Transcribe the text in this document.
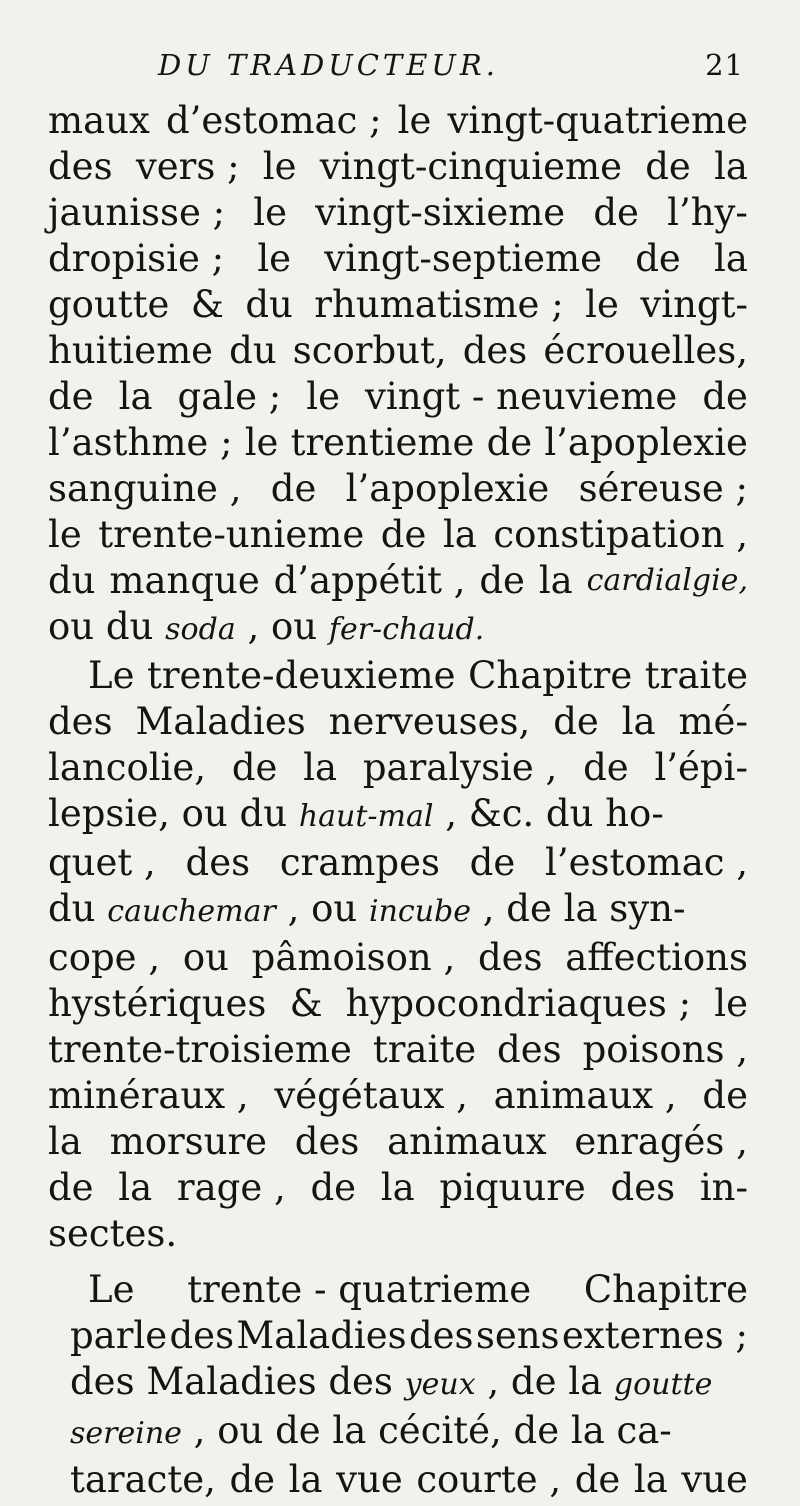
DU TRADUCTEUR.	21
maux d’estomac ; le vingt-quatrieme
des vers ; le vingt-cinquieme de la
jaunisse ; le vingt-sixieme de l’hy-
dropisie ; le vingt-septieme de la
goutte & du rhumatisme ; le vingt-
huitieme du scorbut, des écrouelles,
de la gale ; le vingt - neuvieme de
l’asthme ; le trentieme de l’apoplexie
sanguine , de l’apoplexie séreuse ;
le trente-unieme de la constipation ,
du manque d’appétit , de la cardialgie,
ou du soda , ou fer-chaud.
Le trente-deuxieme Chapitre traite
des Maladies nerveuses, de la mé-
lancolie, de la paralysie , de l’épi-
lepsie, ou du haut-mal , &c. du ho-
quet , des crampes de l’estomac ,
du cauchemar , ou incube , de la syn-
cope , ou pâmoison , des affections
hystériques & hypocondriaques ; le
trente-troisieme traite des poisons ,
minéraux , végétaux , animaux , de
la morsure des animaux enragés ,
de la rage , de la piquure des in-
sectes.
Le trente - quatrieme Chapitre
parle des Maladies des sens externes ;
des Maladies des yeux , de la goutte
sereine , ou de la cécité, de la ca-
taracte, de la vue courte , de la vue
